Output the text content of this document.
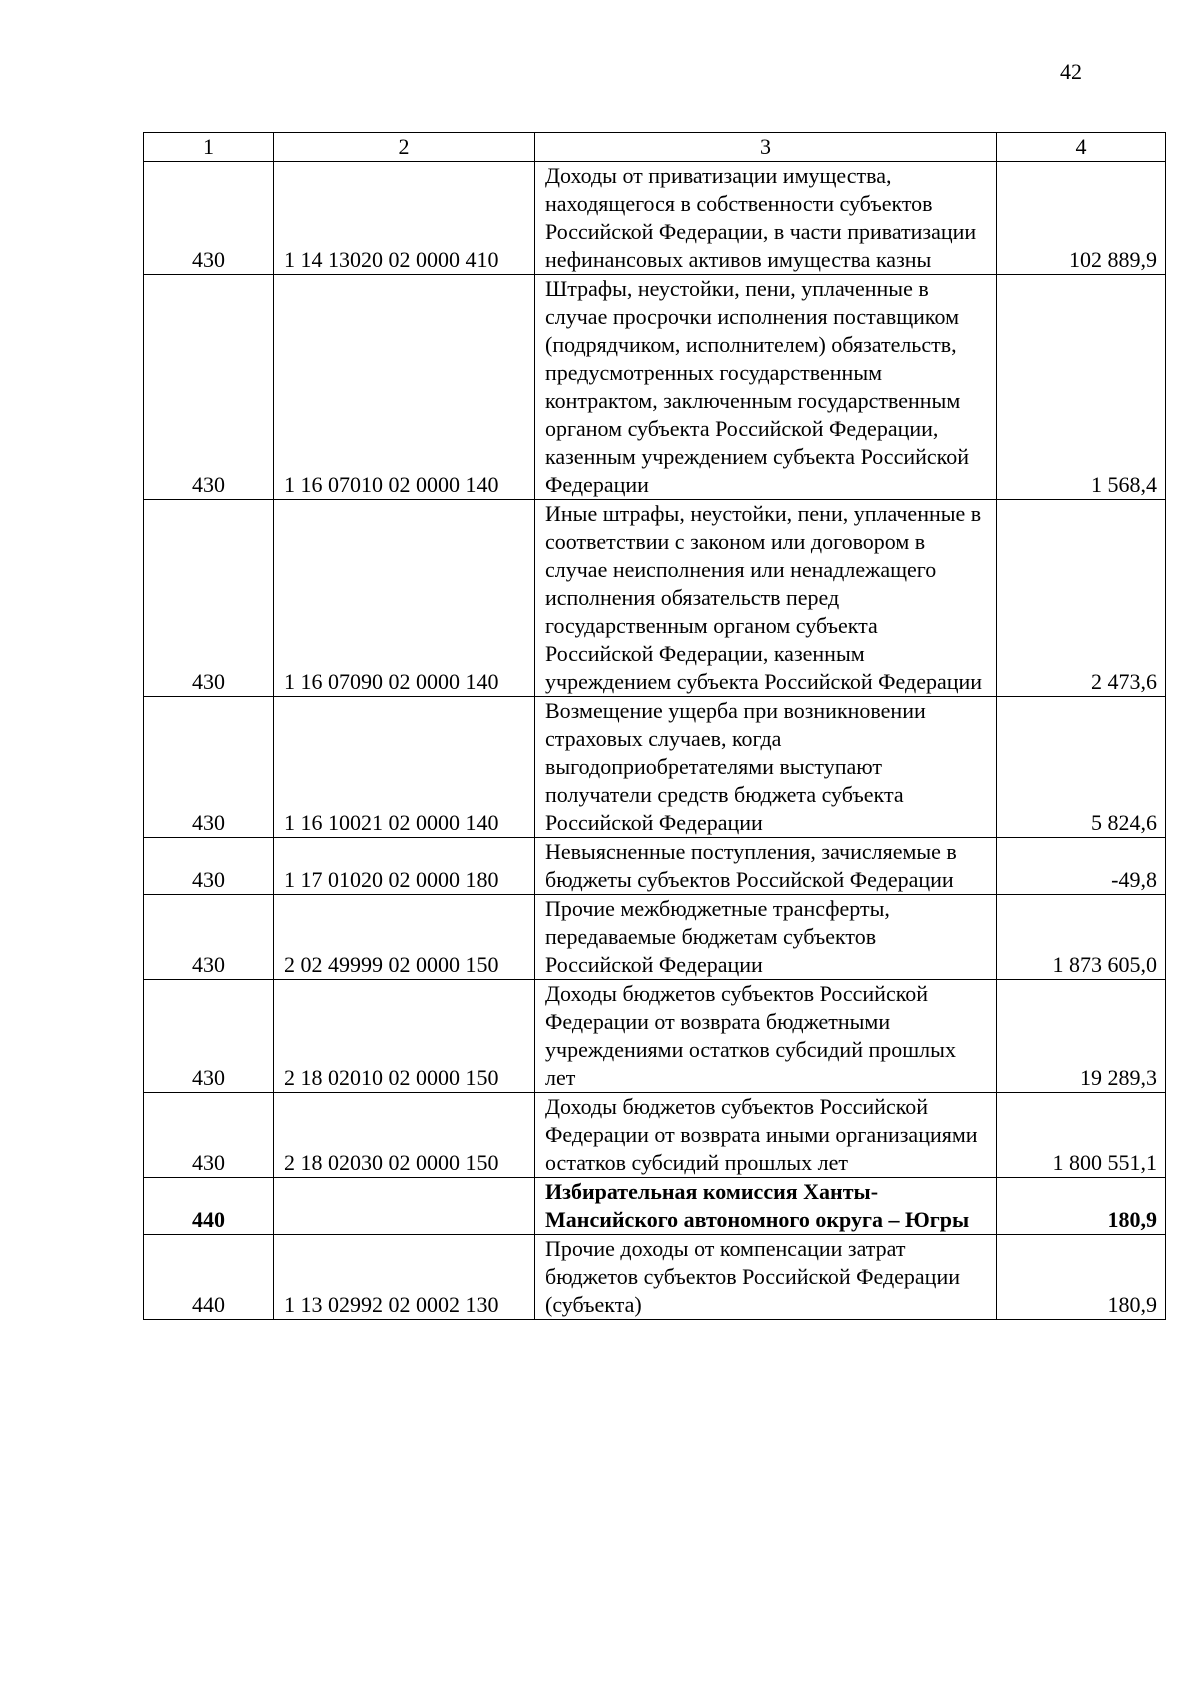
42
1	2	3	4
430	1 14 13020 02 0000 410	Доходы от приватизации имущества, находящегося в собственности субъектов Российской Федерации, в части приватизации нефинансовых активов имущества казны	102 889,9
430	1 16 07010 02 0000 140	Штрафы, неустойки, пени, уплаченные в случае просрочки исполнения поставщиком (подрядчиком, исполнителем) обязательств, предусмотренных государственным контрактом, заключенным государственным органом субъекта Российской Федерации, казенным учреждением субъекта Российской Федерации	1 568,4
430	1 16 07090 02 0000 140	Иные штрафы, неустойки, пени, уплаченные в соответствии с законом или договором в случае неисполнения или ненадлежащего исполнения обязательств перед государственным органом субъекта Российской Федерации, казенным учреждением субъекта Российской Федерации	2 473,6
430	1 16 10021 02 0000 140	Возмещение ущерба при возникновении страховых случаев, когда выгодоприобретателями выступают получатели средств бюджета субъекта Российской Федерации	5 824,6
430	1 17 01020 02 0000 180	Невыясненные поступления, зачисляемые в бюджеты субъектов Российской Федерации	-49,8
430	2 02 49999 02 0000 150	Прочие межбюджетные трансферты, передаваемые бюджетам субъектов Российской Федерации	1 873 605,0
430	2 18 02010 02 0000 150	Доходы бюджетов субъектов Российской Федерации от возврата бюджетными учреждениями остатков субсидий прошлых лет	19 289,3
430	2 18 02030 02 0000 150	Доходы бюджетов субъектов Российской Федерации от возврата иными организациями остатков субсидий прошлых лет	1 800 551,1
440		Избирательная комиссия Ханты-Мансийского автономного округа – Югры	180,9
440	1 13 02992 02 0002 130	Прочие доходы от компенсации затрат бюджетов субъектов Российской Федерации (субъекта)	180,9
